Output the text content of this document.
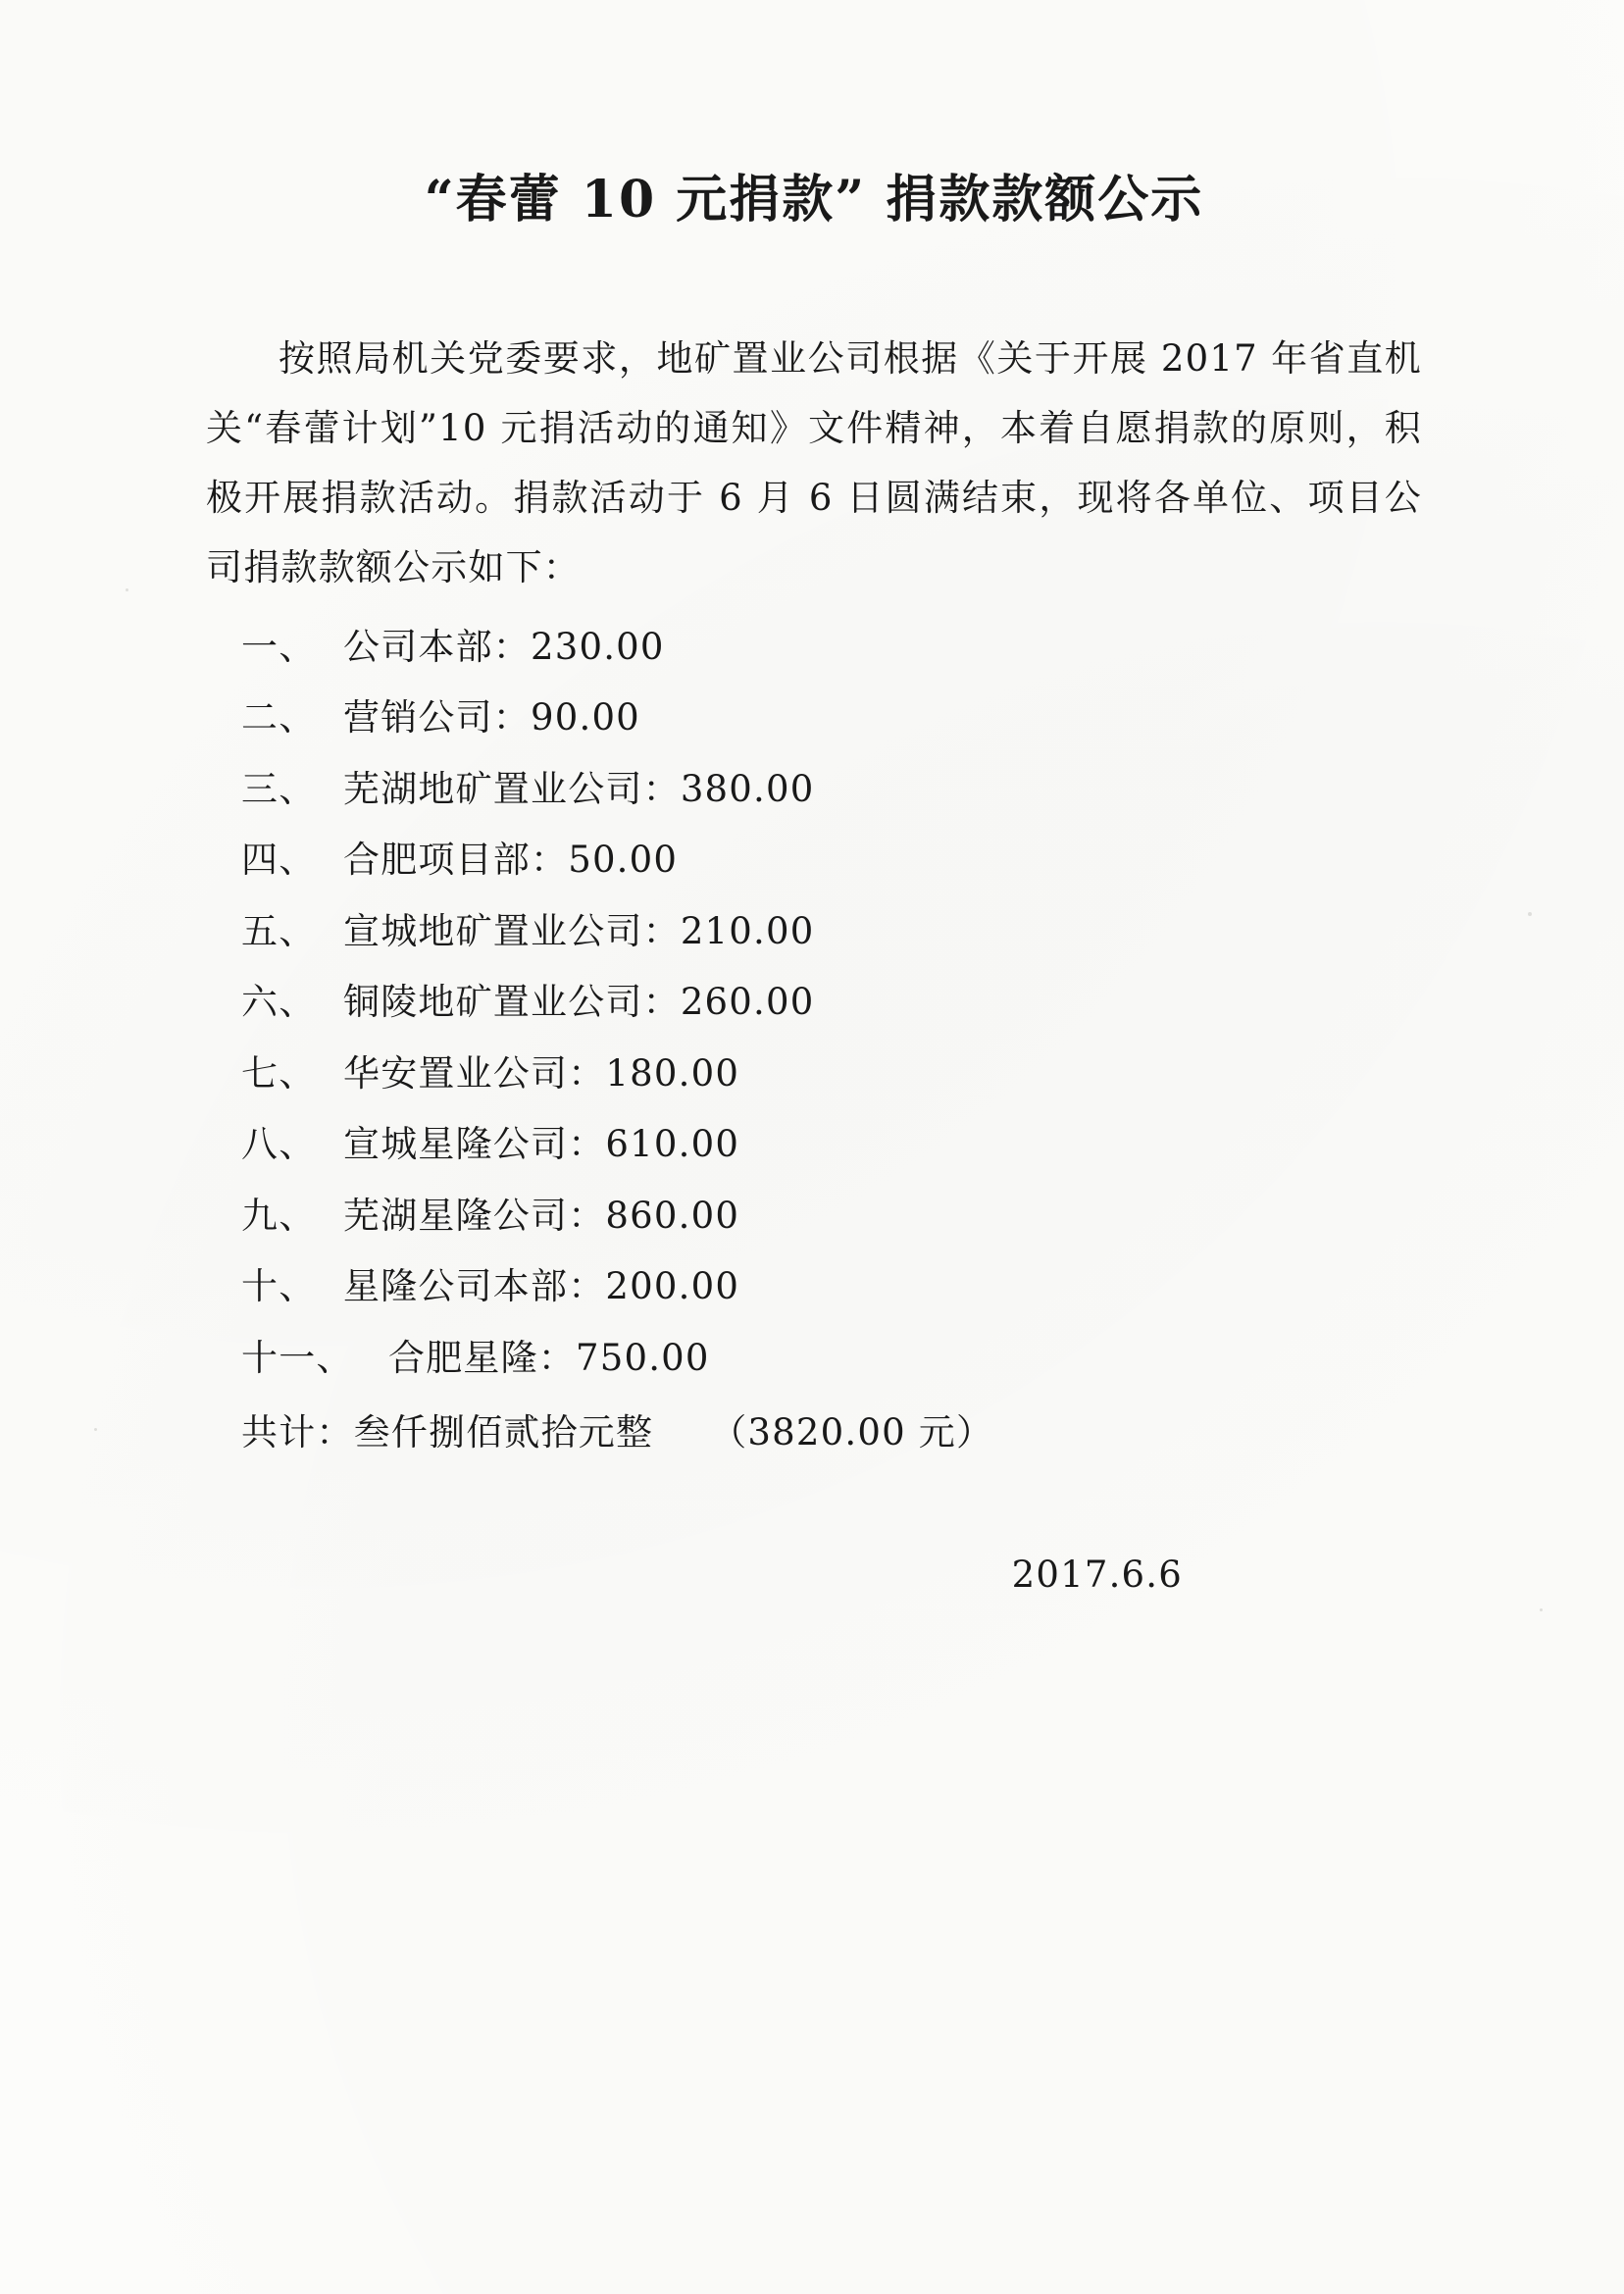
“春蕾 10 元捐款” 捐款款额公示

按照局机关党委要求，地矿置业公司根据《关于开展 2017 年省直机关“春蕾计划”10 元捐活动的通知》文件精神，本着自愿捐款的原则，积极开展捐款活动。捐款活动于 6 月 6 日圆满结束，现将各单位、项目公司捐款款额公示如下：

一、 公司本部：230.00
二、 营销公司：90.00
三、 芜湖地矿置业公司：380.00
四、 合肥项目部：50.00
五、 宣城地矿置业公司：210.00
六、 铜陵地矿置业公司：260.00
七、 华安置业公司：180.00
八、 宣城星隆公司：610.00
九、 芜湖星隆公司：860.00
十、 星隆公司本部：200.00
十一、 合肥星隆：750.00
共计：叁仟捌佰贰拾元整 （3820.00 元）
2017.6.6
